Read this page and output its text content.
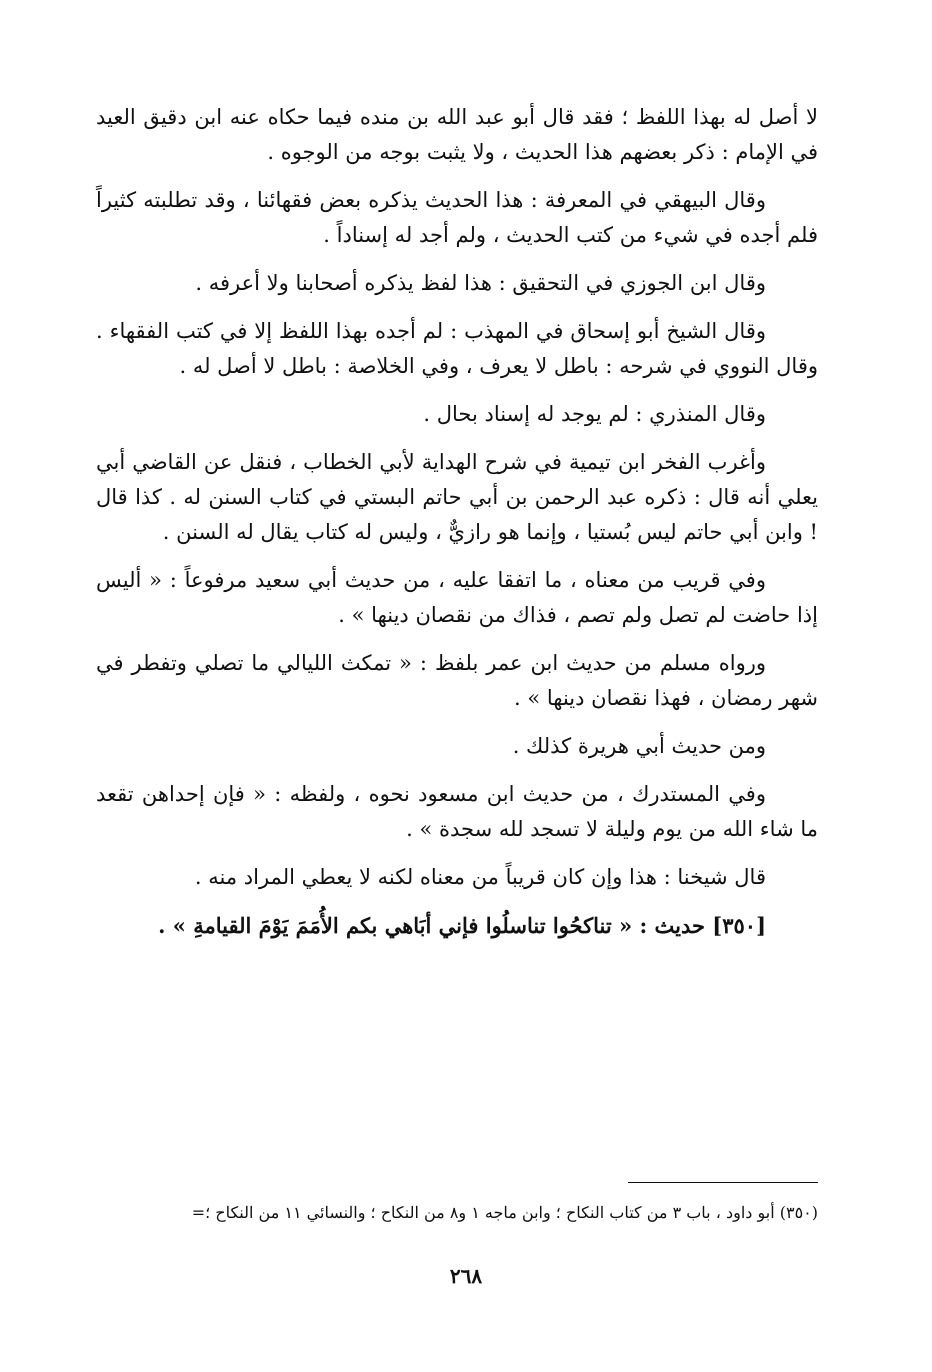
لا أصل له بهذا اللفظ ؛ فقد قال أبو عبد الله بن منده فيما حكاه عنه ابن دقيق العيد في الإمام : ذكر بعضهم هذا الحديث ، ولا يثبت بوجه من الوجوه .

وقال البيهقي في المعرفة : هذا الحديث يذكره بعض فقهائنا ، وقد تطلبته كثيراً فلم أجده في شيء من كتب الحديث ، ولم أجد له إسناداً .

وقال ابن الجوزي في التحقيق : هذا لفظ يذكره أصحابنا ولا أعرفه .

وقال الشيخ أبو إسحاق في المهذب : لم أجده بهذا اللفظ إلا في كتب الفقهاء . وقال النووي في شرحه : باطل لا يعرف ، وفي الخلاصة : باطل لا أصل له .

وقال المنذري : لم يوجد له إسناد بحال .

وأغرب الفخر ابن تيمية في شرح الهداية لأبي الخطاب ، فنقل عن القاضي أبي يعلي أنه قال : ذكره عبد الرحمن بن أبي حاتم البستي في كتاب السنن له . كذا قال ! وابن أبي حاتم ليس بُستيا ، وإنما هو رازيٌّ ، وليس له كتاب يقال له السنن .

وفي قريب من معناه ، ما اتفقا عليه ، من حديث أبي سعيد مرفوعاً : « أليس إذا حاضت لم تصل ولم تصم ، فذاك من نقصان دينها » .

ورواه مسلم من حديث ابن عمر بلفظ : « تمكث الليالي ما تصلي وتفطر في شهر رمضان ، فهذا نقصان دينها » .

ومن حديث أبي هريرة كذلك .

وفي المستدرك ، من حديث ابن مسعود نحوه ، ولفظه : « فإن إحداهن تقعد ما شاء الله من يوم وليلة لا تسجد لله سجدة » .

قال شيخنا : هذا وإن كان قريباً من معناه لكنه لا يعطي المراد منه .

[٣٥٠] حديث : « تناكحُوا تناسلُوا فإني أبَاهي بكم الأُمَمَ يَوْمَ القيامةِ » .

(٣٥٠) أبو داود ، باب ٣ من كتاب النكاح ؛ وابن ماجه ١ و٨ من النكاح ؛ والنسائي ١١ من النكاح ؛=
٢٦٨
